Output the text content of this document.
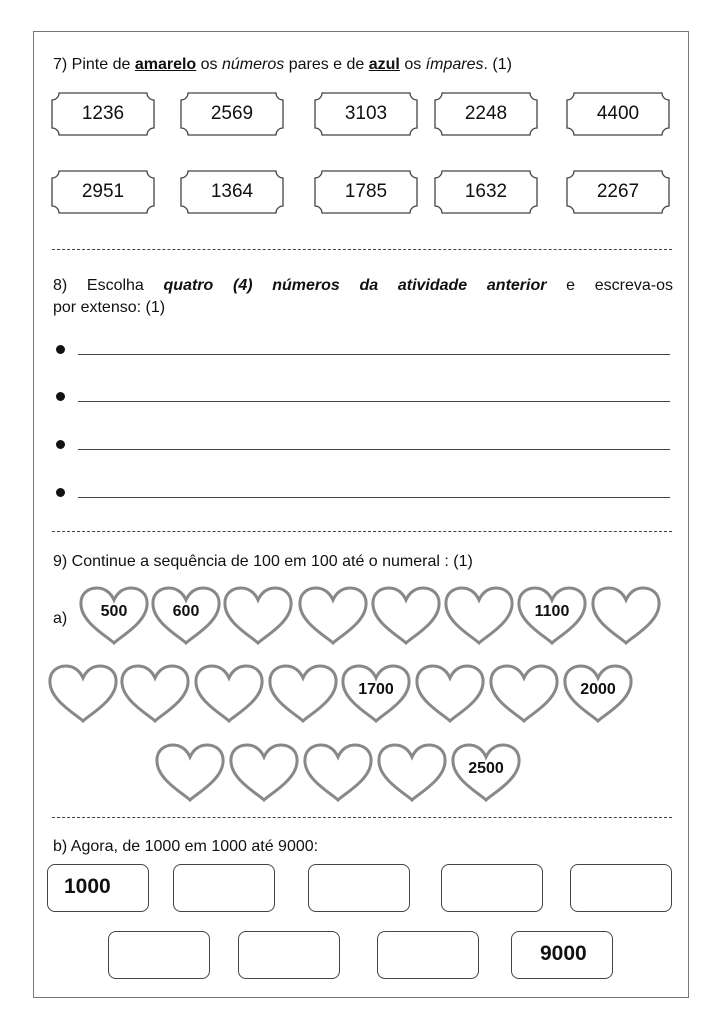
7) Pinte de amarelo os números pares e de azul os ímpares. (1)
1236	2569	3103	2248	4400
2951	1364	1785	1632	2267
8) Escolha quatro (4) números da atividade anterior e escreva-os
por extenso: (1)
9) Continue a sequência de 100 em 100 até o numeral : (1)
a)	500	600	1100
1700	2000
2500
b) Agora, de 1000 em 1000 até 9000:
1000
9000
